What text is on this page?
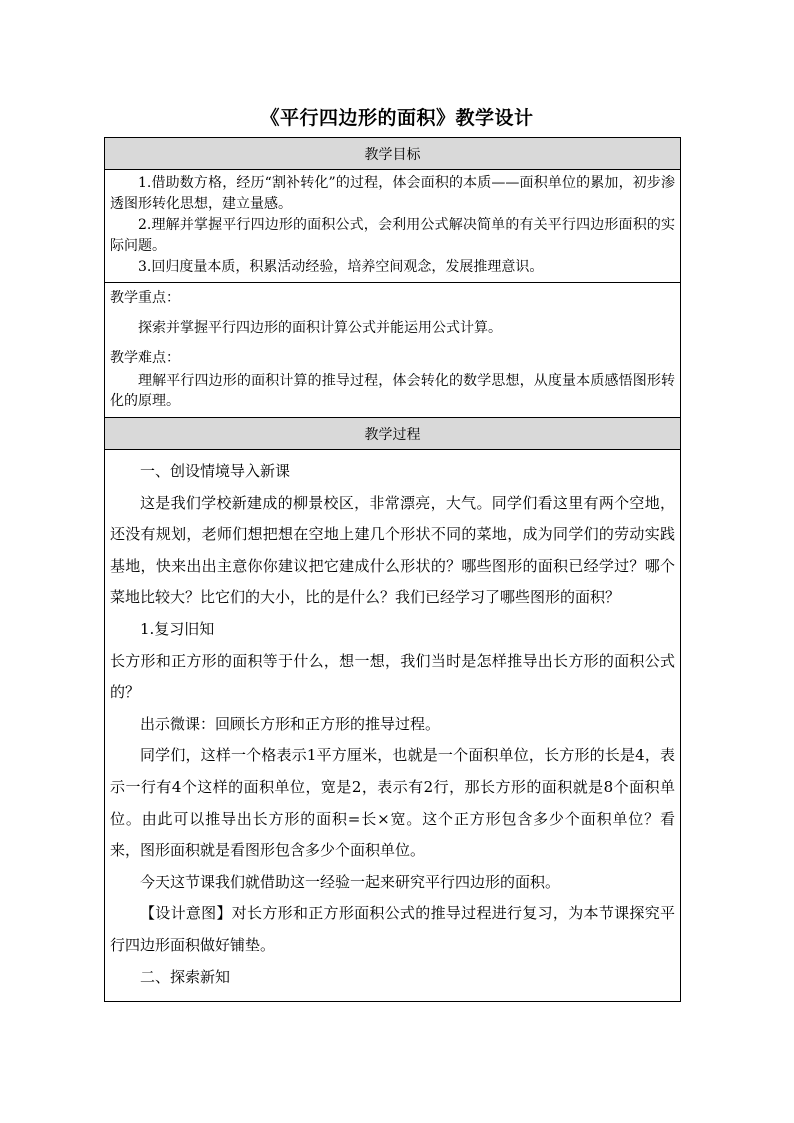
《平行四边形的面积》教学设计
教学目标

1.借助数方格，经历“割补转化”的过程，体会面积的本质——面积单位的累加，初步渗透图形转化思想，建立量感。

2.理解并掌握平行四边形的面积公式，会利用公式解决简单的有关平行四边形面积的实际问题。

3.回归度量本质，积累活动经验，培养空间观念，发展推理意识。

教学重点：

探索并掌握平行四边形的面积计算公式并能运用公式计算。

教学难点：

理解平行四边形的面积计算的推导过程，体会转化的数学思想，从度量本质感悟图形转化的原理。

教学过程

一、创设情境导入新课

这是我们学校新建成的柳景校区，非常漂亮，大气。同学们看这里有两个空地，还没有规划，老师们想把想在空地上建几个形状不同的菜地，成为同学们的劳动实践基地，快来出出主意你你建议把它建成什么形状的？哪些图形的面积已经学过？哪个菜地比较大？比它们的大小，比的是什么？我们已经学习了哪些图形的面积？

1.复习旧知

长方形和正方形的面积等于什么，想一想，我们当时是怎样推导出长方形的面积公式的？

出示微课：回顾长方形和正方形的推导过程。

同学们，这样一个格表示1平方厘米，也就是一个面积单位，长方形的长是4，表示一行有4个这样的面积单位，宽是2，表示有2行，那长方形的面积就是8个面积单位。由此可以推导出长方形的面积=长×宽。这个正方形包含多少个面积单位？看来，图形面积就是看图形包含多少个面积单位。

今天这节课我们就借助这一经验一起来研究平行四边形的面积。

【设计意图】对长方形和正方形面积公式的推导过程进行复习，为本节课探究平行四边形面积做好铺垫。

二、探索新知
